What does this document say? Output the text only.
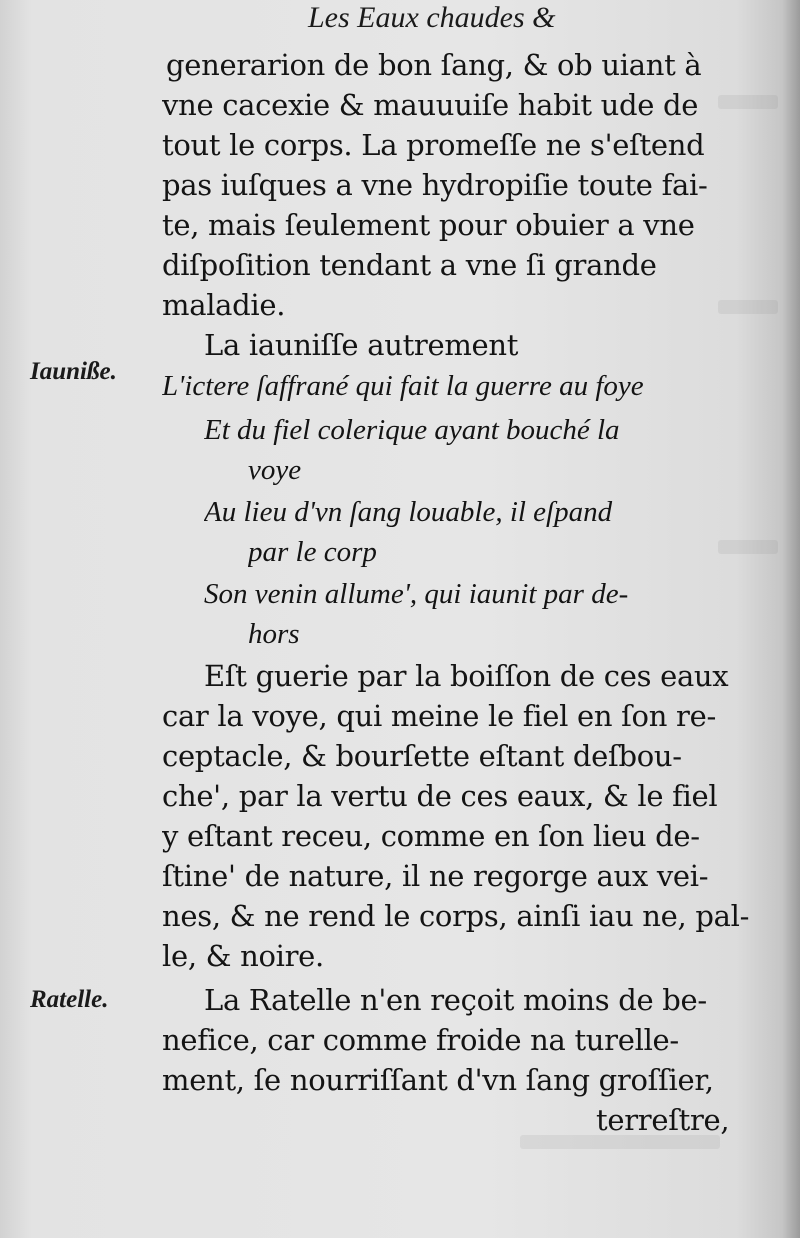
Les Eaux chaudes &
generarion de bon ſang, & ob uiant à
vne cacexie & mauuuiſe habit ude de
tout le corps. La promeſſe ne s'eſtend
pas iuſques a vne hydropiſie toute fai-
te, mais ſeulement pour obuier a vne
diſpoſition tendant a vne ſi grande
maladie.
La iauniſſe autrement
Iauniße. L'ictere ſaffrané qui fait la guerre au foye
Et du fiel colerique ayant bouché la
voye
Au lieu d'vn ſang louable, il eſpand
par le corp
Son venin allume', qui iaunit par de-
hors
Eſt guerie par la boiſſon de ces eaux
car la voye, qui meine le fiel en ſon re-
ceptacle, & bourſette eſtant deſbou-
che', par la vertu de ces eaux, & le fiel
y eſtant receu, comme en ſon lieu de-
ſtine' de nature, il ne regorge aux vei-
nes, & ne rend le corps, ainſi iau ne, pal-
le, & noire.
Ratelle.	La Ratelle n'en reçoit moins de be-
nefice, car comme froide na turelle-
ment, ſe nourriſſant d'vn ſang groſſier,
terreſtre,
